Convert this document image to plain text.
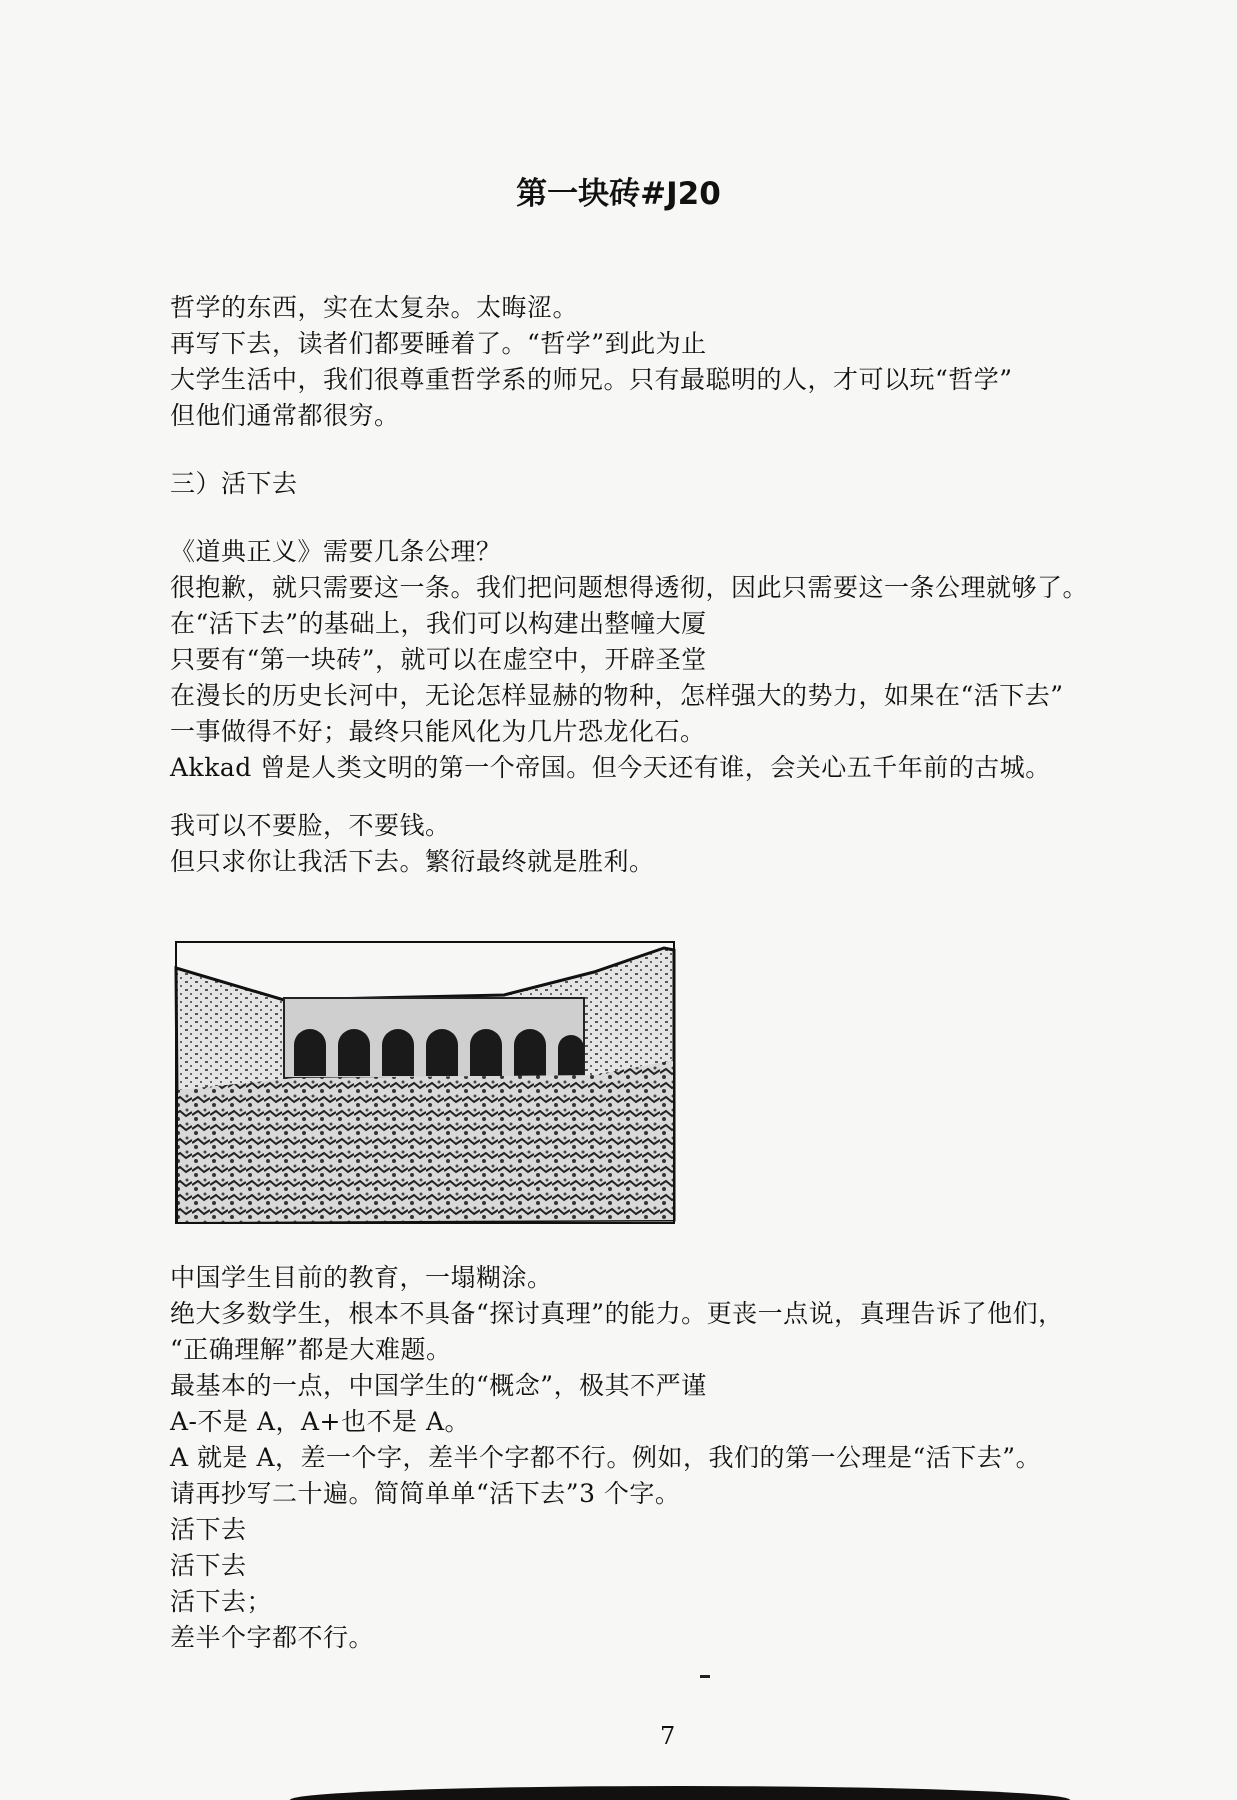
第一块砖#J20
哲学的东西，实在太复杂。太晦涩。
再写下去，读者们都要睡着了。“哲学”到此为止
大学生活中，我们很尊重哲学系的师兄。只有最聪明的人，才可以玩“哲学”
但他们通常都很穷。
三）活下去
《道典正义》需要几条公理？
很抱歉，就只需要这一条。我们把问题想得透彻，因此只需要这一条公理就够了。
在“活下去”的基础上，我们可以构建出整幢大厦
只要有“第一块砖”，就可以在虚空中，开辟圣堂
在漫长的历史长河中，无论怎样显赫的物种，怎样强大的势力，如果在“活下去”
一事做得不好；最终只能风化为几片恐龙化石。
Akkad 曾是人类文明的第一个帝国。但今天还有谁，会关心五千年前的古城。
我可以不要脸，不要钱。
但只求你让我活下去。繁衍最终就是胜利。
中国学生目前的教育，一塌糊涂。
绝大多数学生，根本不具备“探讨真理”的能力。更丧一点说，真理告诉了他们，
“正确理解”都是大难题。
最基本的一点，中国学生的“概念”，极其不严谨
A-不是 A，A+也不是 A。
A 就是 A，差一个字，差半个字都不行。例如，我们的第一公理是“活下去”。
请再抄写二十遍。简简单单“活下去”3 个字。
活下去
活下去
活下去；
差半个字都不行。
7
